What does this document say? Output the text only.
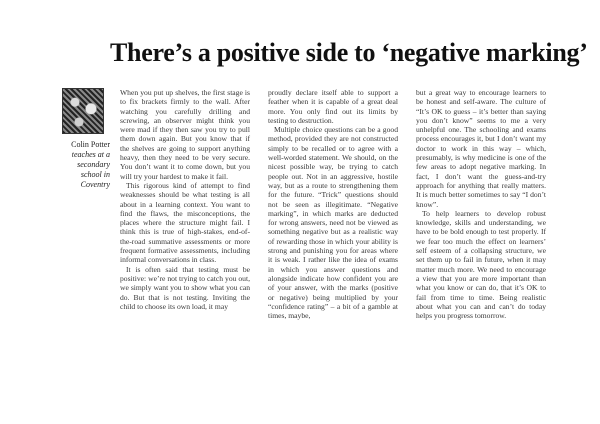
There’s a positive side to ‘negative marking’
Colin Potter
teaches at a secondary school in Coventry

When you put up shelves, the first stage is to fix brackets firmly to the wall. After watching you carefully drilling and screwing, an observer might think you were mad if they then saw you try to pull them down again. But you know that if the shelves are going to support anything heavy, then they need to be very secure. You don’t want it to come down, but you will try your hardest to make it fail.

This rigorous kind of attempt to find weaknesses should be what testing is all about in a learning context. You want to find the flaws, the misconceptions, the places where the structure might fail. I think this is true of high-stakes, end-of-the-road summative assessments or more frequent formative assessments, including informal conversations in class.

It is often said that testing must be positive: we’re not trying to catch you out, we simply want you to show what you can do. But that is not testing. Inviting the child to choose its own load, it may

proudly declare itself able to support a feather when it is capable of a great deal more. You only find out its limits by testing to destruction.

Multiple choice questions can be a good method, provided they are not constructed simply to be recalled or to agree with a well-worded statement. We should, on the nicest possible way, be trying to catch people out. Not in an aggressive, hostile way, but as a route to strengthening them for the future. “Trick” questions should not be seen as illegitimate. “Negative marking”, in which marks are deducted for wrong answers, need not be viewed as something negative but as a realistic way of rewarding those in which your ability is strong and punishing you for areas where it is weak. I rather like the idea of exams in which you answer questions and alongside indicate how confident you are of your answer, with the marks (positive or negative) being multiplied by your “confidence rating” – a bit of a gamble at times, maybe,

but a great way to encourage learners to be honest and self-aware. The culture of “It’s OK to guess – it’s better than saying you don’t know” seems to me a very unhelpful one. The schooling and exams process encourages it, but I don’t want my doctor to work in this way – which, presumably, is why medicine is one of the few areas to adopt negative marking. In fact, I don’t want the guess-and-try approach for anything that really matters. It is much better sometimes to say “I don’t know”.

To help learners to develop robust knowledge, skills and understanding, we have to be bold enough to test properly. If we fear too much the effect on learners’ self esteem of a collapsing structure, we set them up to fail in future, when it may matter much more. We need to encourage a view that you are more important than what you know or can do, that it’s OK to fail from time to time. Being realistic about what you can and can’t do today helps you progress tomorrow.
